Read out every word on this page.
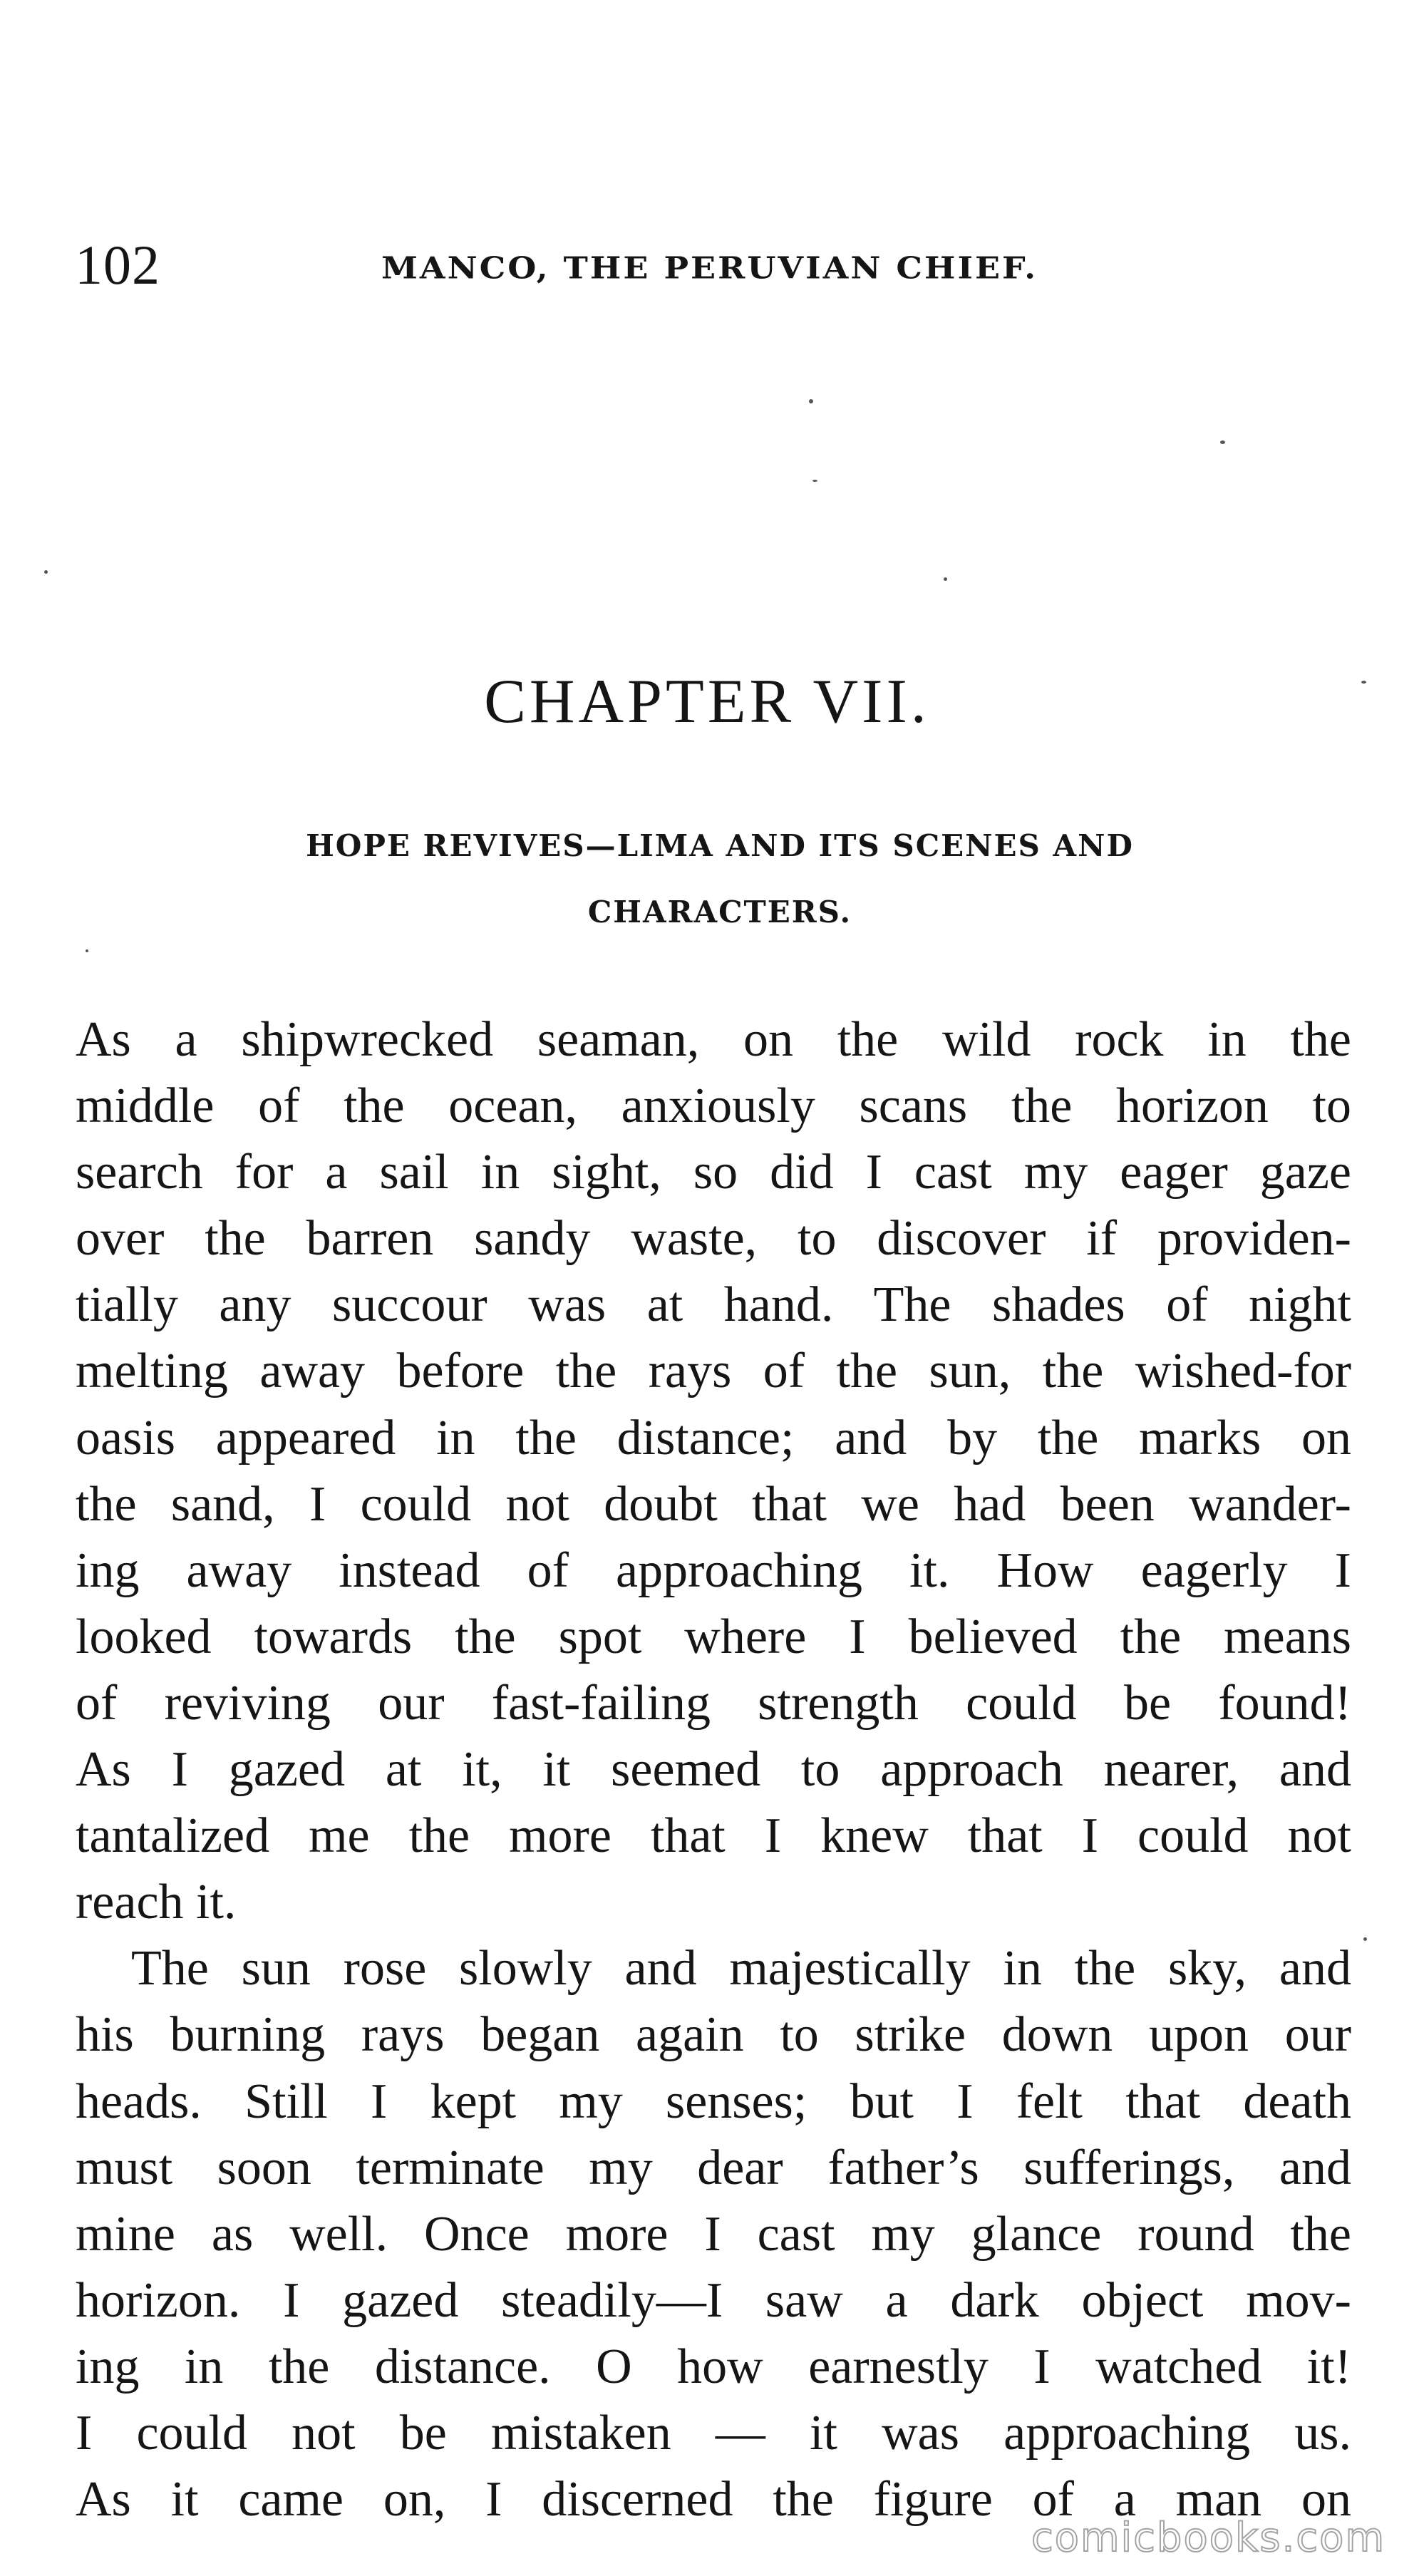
102	MANCO, THE PERUVIAN CHIEF.
CHAPTER VII.
HOPE REVIVES—LIMA AND ITS SCENES AND
CHARACTERS.
As a shipwrecked seaman, on the wild rock in the
middle of the ocean, anxiously scans the horizon to
search for a sail in sight, so did I cast my eager gaze
over the barren sandy waste, to discover if providen-
tially any succour was at hand. The shades of night
melting away before the rays of the sun, the wished-for
oasis appeared in the distance; and by the marks on
the sand, I could not doubt that we had been wander-
ing away instead of approaching it. How eagerly I
looked towards the spot where I believed the means
of reviving our fast-failing strength could be found!
As I gazed at it, it seemed to approach nearer, and
tantalized me the more that I knew that I could not
reach it.
The sun rose slowly and majestically in the sky, and
his burning rays began again to strike down upon our
heads. Still I kept my senses; but I felt that death
must soon terminate my dear father’s sufferings, and
mine as well. Once more I cast my glance round the
horizon. I gazed steadily—I saw a dark object mov-
ing in the distance. O how earnestly I watched it!
I could not be mistaken — it was approaching us.
As it came on, I discerned the figure of a man on
comicbooks.com
